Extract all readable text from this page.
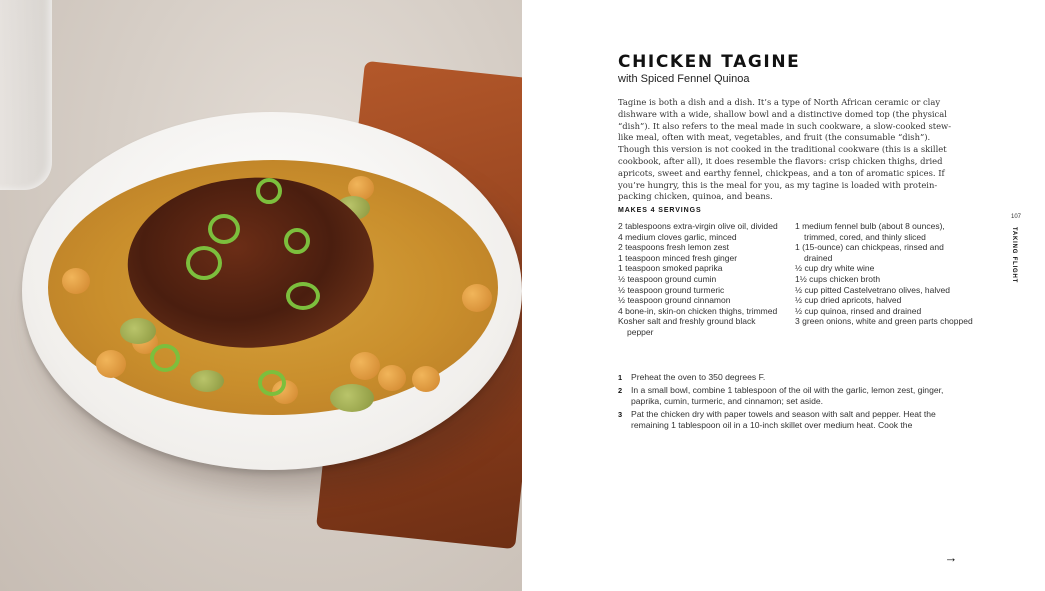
CHICKEN TAGINE

with Spiced Fennel Quinoa

Tagine is both a dish and a dish. It’s a type of North African ceramic or clay dishware with a wide, shallow bowl and a distinctive domed top (the physical “dish”). It also refers to the meal made in such cookware, a slow-cooked stew-like meal, often with meat, vegetables, and fruit (the consumable “dish”). Though this version is not cooked in the traditional cookware (this is a skillet cookbook, after all), it does resemble the flavors: crisp chicken thighs, dried apricots, sweet and earthy fennel, chickpeas, and a ton of aromatic spices. If you’re hungry, this is the meal for you, as my tagine is loaded with protein-packing chicken, quinoa, and beans.

MAKES 4 SERVINGS

2 tablespoons extra-virgin olive oil, divided
4 medium cloves garlic, minced
2 teaspoons fresh lemon zest
1 teaspoon minced fresh ginger
1 teaspoon smoked paprika
½ teaspoon ground cumin
½ teaspoon ground turmeric
½ teaspoon ground cinnamon
4 bone-in, skin-on chicken thighs, trimmed
Kosher salt and freshly ground black pepper
1 medium fennel bulb (about 8 ounces), trimmed, cored, and thinly sliced
1 (15-ounce) can chickpeas, rinsed and drained
½ cup dry white wine
1½ cups chicken broth
½ cup pitted Castelvetrano olives, halved
½ cup dried apricots, halved
½ cup quinoa, rinsed and drained
3 green onions, white and green parts chopped
1 Preheat the oven to 350 degrees F.
2 In a small bowl, combine 1 tablespoon of the oil with the garlic, lemon zest, ginger, paprika, cumin, turmeric, and cinnamon; set aside.
3 Pat the chicken dry with paper towels and season with salt and pepper. Heat the remaining 1 tablespoon oil in a 10-inch skillet over medium heat. Cook the

107

TAKING FLIGHT

→
